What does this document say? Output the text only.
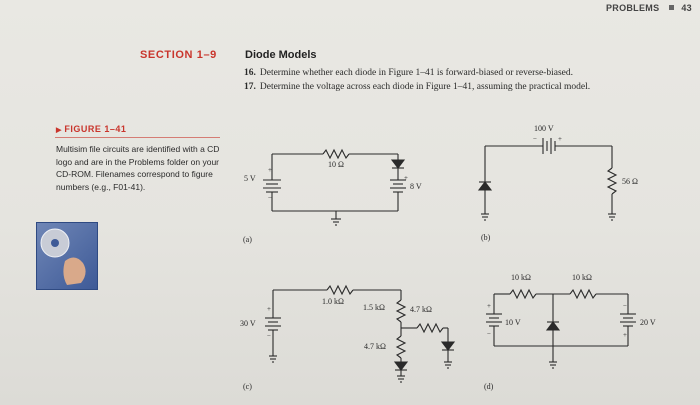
PROBLEMS 43
SECTION 1–9	Diode Models
16. Determine whether each diode in Figure 1–41 is forward-biased or reverse-biased.
17. Determine the voltage across each diode in Figure 1–41, assuming the practical model.
▶ FIGURE 1–41
Multisim file circuits are identified with a CD logo and are in the Problems folder on your CD-ROM. Filenames correspond to figure numbers (e.g., F01-41).
10 Ω
5 V
+
−
+
8 V
(a)
100 V
−	+
56 Ω
(b)
1.0 kΩ
1.5 kΩ	4.7 kΩ
4.7 kΩ
30 V
+
−
(c)
10 kΩ	10 kΩ
10 V
+
−
20 V
−
+
(d)
